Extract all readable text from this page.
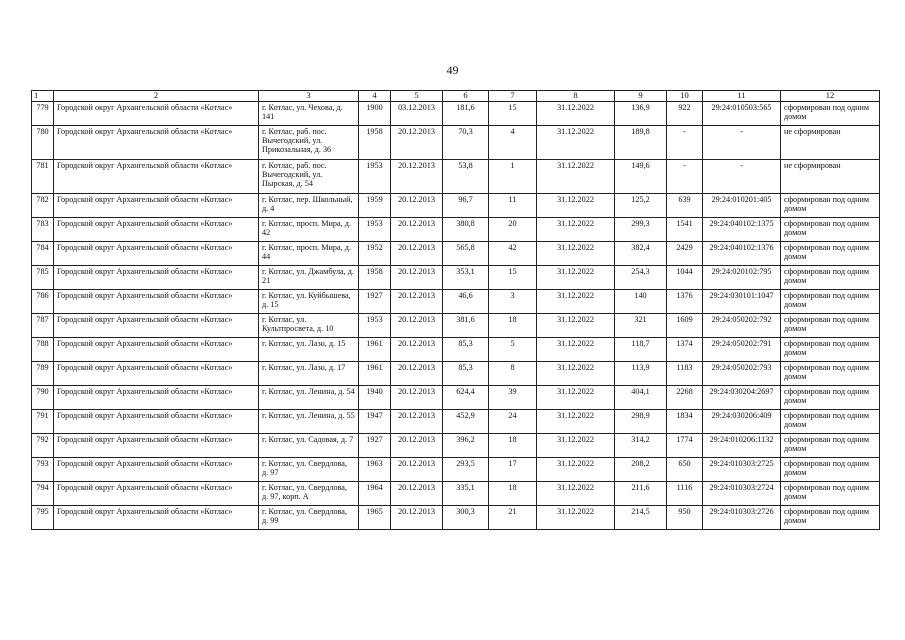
49
1	2	3	4	5	6	7	8	9	10	11	12
779	Городской округ Архангельской области «Котлас»	г. Котлас, ул. Чехова, д. 141	1900	03.12.2013	181,6	15	31.12.2022	136,9	922	29:24:010503:565	сформирован под одним домом
780	Городской округ Архангельской области «Котлас»	г. Котлас, раб. пос. Вычегодский, ул. Прикозальная, д. 36	1958	20.12.2013	70,3	4	31.12.2022	189,8	-	-	не сформирован
781	Городской округ Архангельской области «Котлас»	г. Котлас, раб. пос. Вычегодский, ул. Пырская, д. 54	1953	20.12.2013	53,8	1	31.12.2022	149,6	-	-	не сформирован
782	Городской округ Архангельской области «Котлас»	г. Котлас, пер. Школьный, д. 4	1959	20.12.2013	96,7	11	31.12.2022	125,2	639	29:24:010201:405	сформирован под одним домом
783	Городской округ Архангельской области «Котлас»	г. Котлас, просп. Мира, д. 42	1953	20.12.2013	380,8	20	31.12.2022	299,3	1541	29:24:040102:1375	сформирован под одним домом
784	Городской округ Архангельской области «Котлас»	г. Котлас, просп. Мира, д. 44	1952	20.12.2013	565,8	42	31.12.2022	382,4	2429	29:24:040102:1376	сформирован под одним домом
785	Городской округ Архангельской области «Котлас»	г. Котлас, ул. Джамбула, д. 21	1958	20.12.2013	353,1	15	31.12.2022	254,3	1044	29:24:020102:795	сформирован под одним домом
786	Городской округ Архангельской области «Котлас»	г. Котлас, ул. Куйбышева, д. 15	1927	20.12.2013	46,6	3	31.12.2022	140	1376	29:24:030101:1047	сформирован под одним домом
787	Городской округ Архангельской области «Котлас»	г. Котлас, ул. Культпросвета, д. 10	1953	20.12.2013	381,6	18	31.12.2022	321	1609	29:24:050202:792	сформирован под одним домом
788	Городской округ Архангельской области «Котлас»	г. Котлас, ул. Лазо, д. 15	1961	20.12.2013	85,3	5	31.12.2022	118,7	1374	29:24:050202:791	сформирован под одним домом
789	Городской округ Архангельской области «Котлас»	г. Котлас, ул. Лазо, д. 17	1961	20.12.2013	85,3	8	31.12.2022	113,9	1183	29:24:050202:793	сформирован под одним домом
790	Городской округ Архангельской области «Котлас»	г. Котлас, ул. Ленина, д. 54	1940	20.12.2013	624,4	39	31.12.2022	404,1	2268	29:24:030204:2697	сформирован под одним домом
791	Городской округ Архангельской области «Котлас»	г. Котлас, ул. Ленина, д. 55	1947	20.12.2013	452,9	24	31.12.2022	298,9	1834	29:24:030206:409	сформирован под одним домом
792	Городской округ Архангельской области «Котлас»	г. Котлас, ул. Садовая, д. 7	1927	20.12.2013	396,2	18	31.12.2022	314,2	1774	29:24:010206:1132	сформирован под одним домом
793	Городской округ Архангельской области «Котлас»	г. Котлас, ул. Свердлова, д. 97	1963	20.12.2013	293,5	17	31.12.2022	208,2	650	29:24:010303:2725	сформирован под одним домом
794	Городской округ Архангельской области «Котлас»	г. Котлас, ул. Свердлова, д. 97, корп. А	1964	20.12.2013	335,1	18	31.12.2022	211,6	1116	29:24:010303:2724	сформирован под одним домом
795	Городской округ Архангельской области «Котлас»	г. Котлас, ул. Свердлова, д. 99	1965	20.12.2013	300,3	21	31.12.2022	214,5	950	29:24:010303:2726	сформирован под одним домом
